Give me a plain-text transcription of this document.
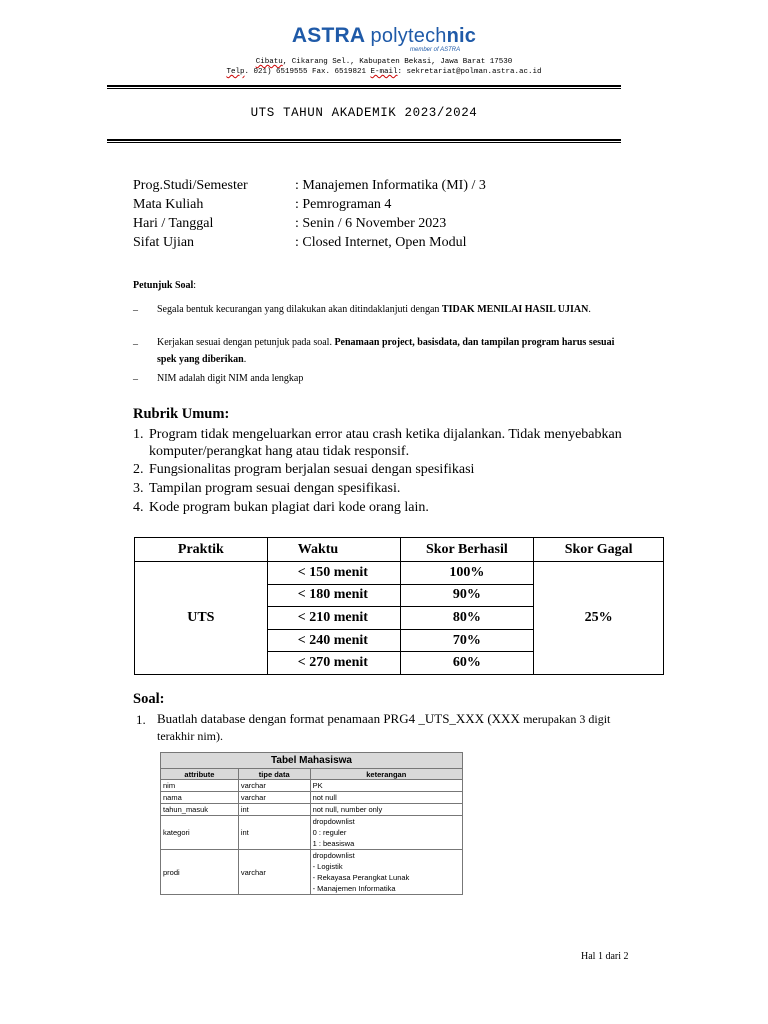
ASTRA polytechnic
member of ASTRA
Cibatu, Cikarang Sel., Kabupaten Bekasi, Jawa Barat 17530
Telp. 021) 6519555 Fax. 6519821 E-mail: sekretariat@polman.astra.ac.id
UTS TAHUN AKADEMIK 2023/2024
Prog.Studi/Semester	: Manajemen Informatika (MI) / 3
Mata Kuliah	: Pemrograman 4
Hari / Tanggal	: Senin / 6 November 2023
Sifat Ujian	: Closed Internet, Open Modul
Petunjuk Soal:
– Segala bentuk kecurangan yang dilakukan akan ditindaklanjuti dengan TIDAK MENILAI HASIL UJIAN.
– Kerjakan sesuai dengan petunjuk pada soal. Penamaan project, basisdata, dan tampilan program harus sesuai spek yang diberikan.
– NIM adalah digit NIM anda lengkap
Rubrik Umum:
1. Program tidak mengeluarkan error atau crash ketika dijalankan. Tidak menyebabkan
komputer/perangkat hang atau tidak responsif.
2. Fungsionalitas program berjalan sesuai dengan spesifikasi
3. Tampilan program sesuai dengan spesifikasi.
4. Kode program bukan plagiat dari kode orang lain.
Praktik	Waktu	Skor Berhasil	Skor Gagal
UTS	< 150 menit	100%	25%
	< 180 menit	90%	
	< 210 menit	80%	
	< 240 menit	70%	
	< 270 menit	60%	
Soal:
1. Buatlah database dengan format penamaan PRG4 _UTS_XXX (XXX merupakan 3 digit
terakhir nim).
Tabel Mahasiswa		
attribute	tipe data	keterangan
nim	varchar	PK
nama	varchar	not null
tahun_masuk	int	not null, number only
kategori	int	dropdownlist
0 : reguler
1 : beasiswa

prodi	varchar	dropdownlist
- Logistik
- Rekayasa Perangkat Lunak
- Manajemen Informatika
Hal 1 dari 2
